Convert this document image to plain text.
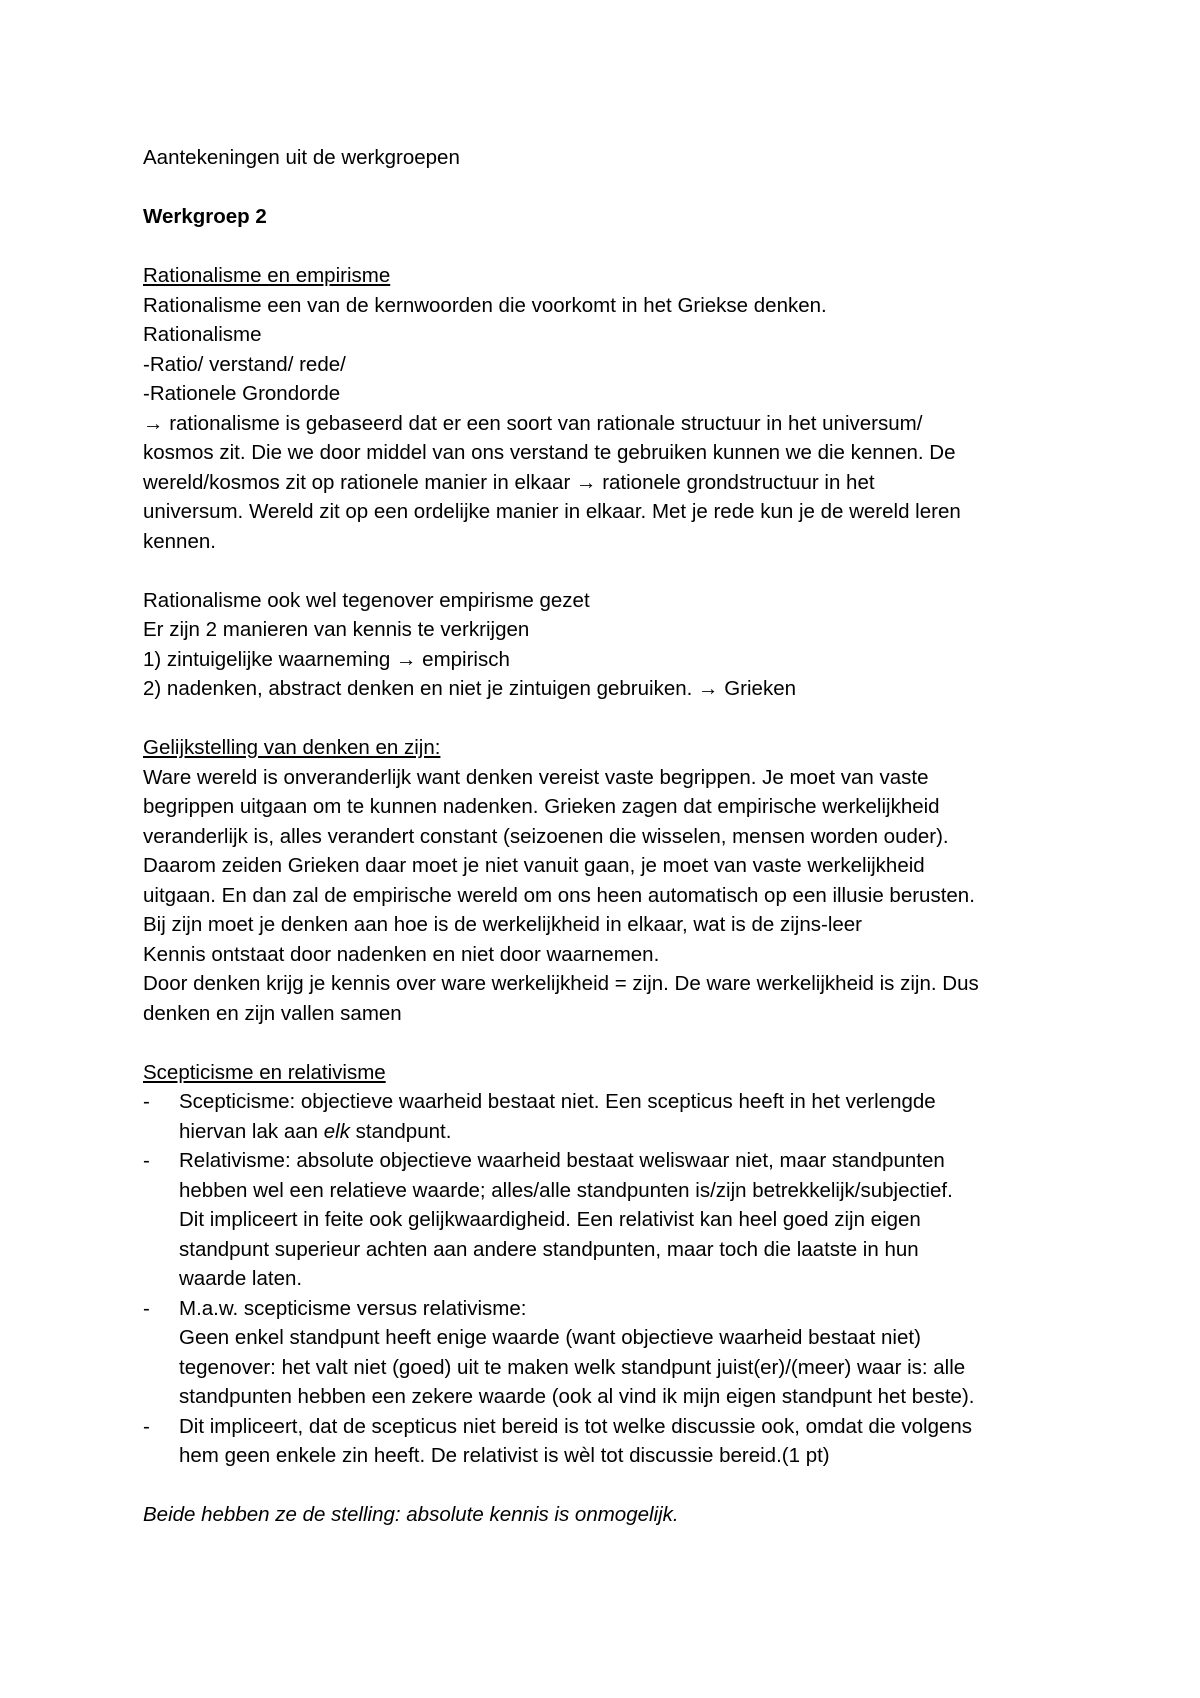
Aantekeningen uit de werkgroepen
Werkgroep 2
Rationalisme en empirisme
Rationalisme een van de kernwoorden die voorkomt in het Griekse denken.
Rationalisme
-Ratio/ verstand/ rede/
-Rationele Grondorde
→ rationalisme is gebaseerd dat er een soort van rationale structuur in het universum/
kosmos zit. Die we door middel van ons verstand te gebruiken kunnen we die kennen. De
wereld/kosmos zit op rationele manier in elkaar → rationele grondstructuur in het
universum. Wereld zit op een ordelijke manier in elkaar. Met je rede kun je de wereld leren
kennen.
Rationalisme ook wel tegenover empirisme gezet
Er zijn 2 manieren van kennis te verkrijgen
1) zintuigelijke waarneming → empirisch
2) nadenken, abstract denken en niet je zintuigen gebruiken. → Grieken
Gelijkstelling van denken en zijn:
Ware wereld is onveranderlijk want denken vereist vaste begrippen. Je moet van vaste
begrippen uitgaan om te kunnen nadenken. Grieken zagen dat empirische werkelijkheid
veranderlijk is, alles verandert constant (seizoenen die wisselen, mensen worden ouder).
Daarom zeiden Grieken daar moet je niet vanuit gaan, je moet van vaste werkelijkheid
uitgaan. En dan zal de empirische wereld om ons heen automatisch op een illusie berusten.
Bij zijn moet je denken aan hoe is de werkelijkheid in elkaar, wat is de zijns-leer
Kennis ontstaat door nadenken en niet door waarnemen.
Door denken krijg je kennis over ware werkelijkheid = zijn. De ware werkelijkheid is zijn. Dus
denken en zijn vallen samen
Scepticisme en relativisme
- Scepticisme: objectieve waarheid bestaat niet. Een scepticus heeft in het verlengde
hiervan lak aan elk standpunt.
- Relativisme: absolute objectieve waarheid bestaat weliswaar niet, maar standpunten
hebben wel een relatieve waarde; alles/alle standpunten is/zijn betrekkelijk/subjectief.
Dit impliceert in feite ook gelijkwaardigheid. Een relativist kan heel goed zijn eigen
standpunt superieur achten aan andere standpunten, maar toch die laatste in hun
waarde laten.
- M.a.w. scepticisme versus relativisme:
Geen enkel standpunt heeft enige waarde (want objectieve waarheid bestaat niet)
tegenover: het valt niet (goed) uit te maken welk standpunt juist(er)/(meer) waar is: alle
standpunten hebben een zekere waarde (ook al vind ik mijn eigen standpunt het beste).
- Dit impliceert, dat de scepticus niet bereid is tot welke discussie ook, omdat die volgens
hem geen enkele zin heeft. De relativist is wèl tot discussie bereid.(1 pt)
Beide hebben ze de stelling: absolute kennis is onmogelijk.
